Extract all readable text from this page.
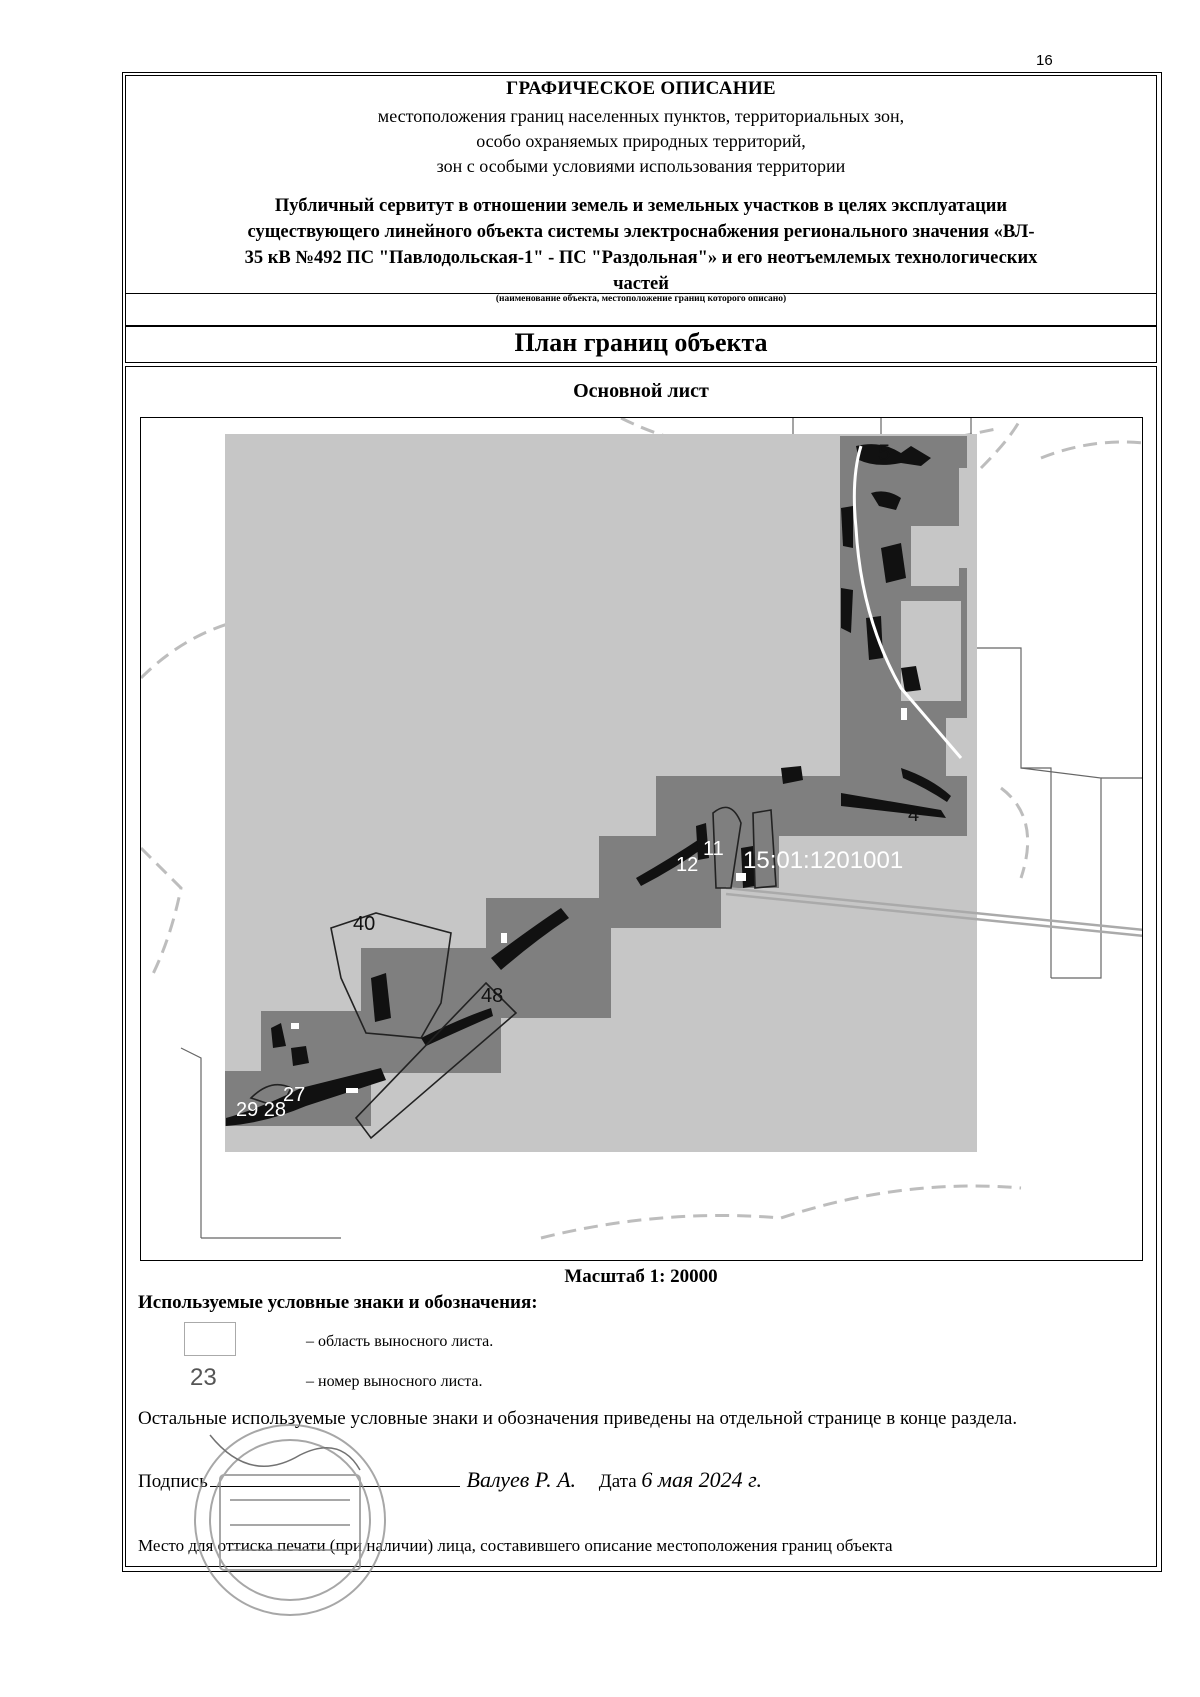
16
ГРАФИЧЕСКОЕ ОПИСАНИЕ
местоположения границ населенных пунктов, территориальных зон,
особо охраняемых природных территорий,
зон с особыми условиями использования территории
Публичный сервитут в отношении земель и земельных участков в целях эксплуатации
существующего линейного объекта системы электроснабжения регионального значения «ВЛ-
35 кВ №492 ПС "Павлодольская-1" - ПС "Раздольная"» и его неотъемлемых технологических
частей
(наименование объекта, местоположение границ которого описано)
План границ объекта
Основной лист
5
4
11
12 15:01:1201001
40
48
29 28
27
Масштаб 1: 20000
Используемые условные знаки и обозначения:
– область выносного листа.
23	– номер выносного листа.
Остальные используемые условные знаки и обозначения приведены на отдельной странице в конце раздела.
Подпись	Валуев Р. А. Дата 6 мая 2024 г.
Место для оттиска печати (при наличии) лица, составившего описание местоположения границ объекта
